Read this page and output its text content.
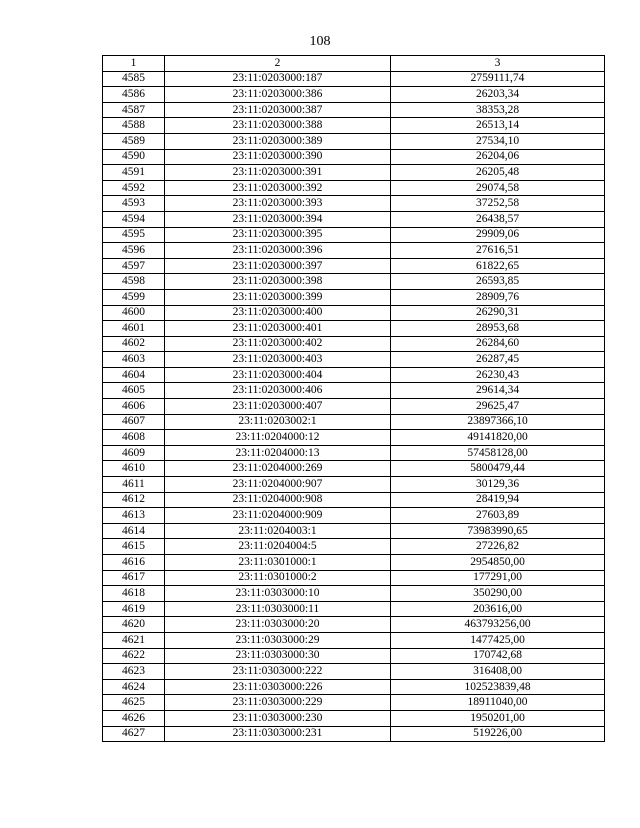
108
1	2	3
4585	23:11:0203000:187	2759111,74
4586	23:11:0203000:386	26203,34
4587	23:11:0203000:387	38353,28
4588	23:11:0203000:388	26513,14
4589	23:11:0203000:389	27534,10
4590	23:11:0203000:390	26204,06
4591	23:11:0203000:391	26205,48
4592	23:11:0203000:392	29074,58
4593	23:11:0203000:393	37252,58
4594	23:11:0203000:394	26438,57
4595	23:11:0203000:395	29909,06
4596	23:11:0203000:396	27616,51
4597	23:11:0203000:397	61822,65
4598	23:11:0203000:398	26593,85
4599	23:11:0203000:399	28909,76
4600	23:11:0203000:400	26290,31
4601	23:11:0203000:401	28953,68
4602	23:11:0203000:402	26284,60
4603	23:11:0203000:403	26287,45
4604	23:11:0203000:404	26230,43
4605	23:11:0203000:406	29614,34
4606	23:11:0203000:407	29625,47
4607	23:11:0203002:1	23897366,10
4608	23:11:0204000:12	49141820,00
4609	23:11:0204000:13	57458128,00
4610	23:11:0204000:269	5800479,44
4611	23:11:0204000:907	30129,36
4612	23:11:0204000:908	28419,94
4613	23:11:0204000:909	27603,89
4614	23:11:0204003:1	73983990,65
4615	23:11:0204004:5	27226,82
4616	23:11:0301000:1	2954850,00
4617	23:11:0301000:2	177291,00
4618	23:11:0303000:10	350290,00
4619	23:11:0303000:11	203616,00
4620	23:11:0303000:20	463793256,00
4621	23:11:0303000:29	1477425,00
4622	23:11:0303000:30	170742,68
4623	23:11:0303000:222	316408,00
4624	23:11:0303000:226	102523839,48
4625	23:11:0303000:229	18911040,00
4626	23:11:0303000:230	1950201,00
4627	23:11:0303000:231	519226,00
